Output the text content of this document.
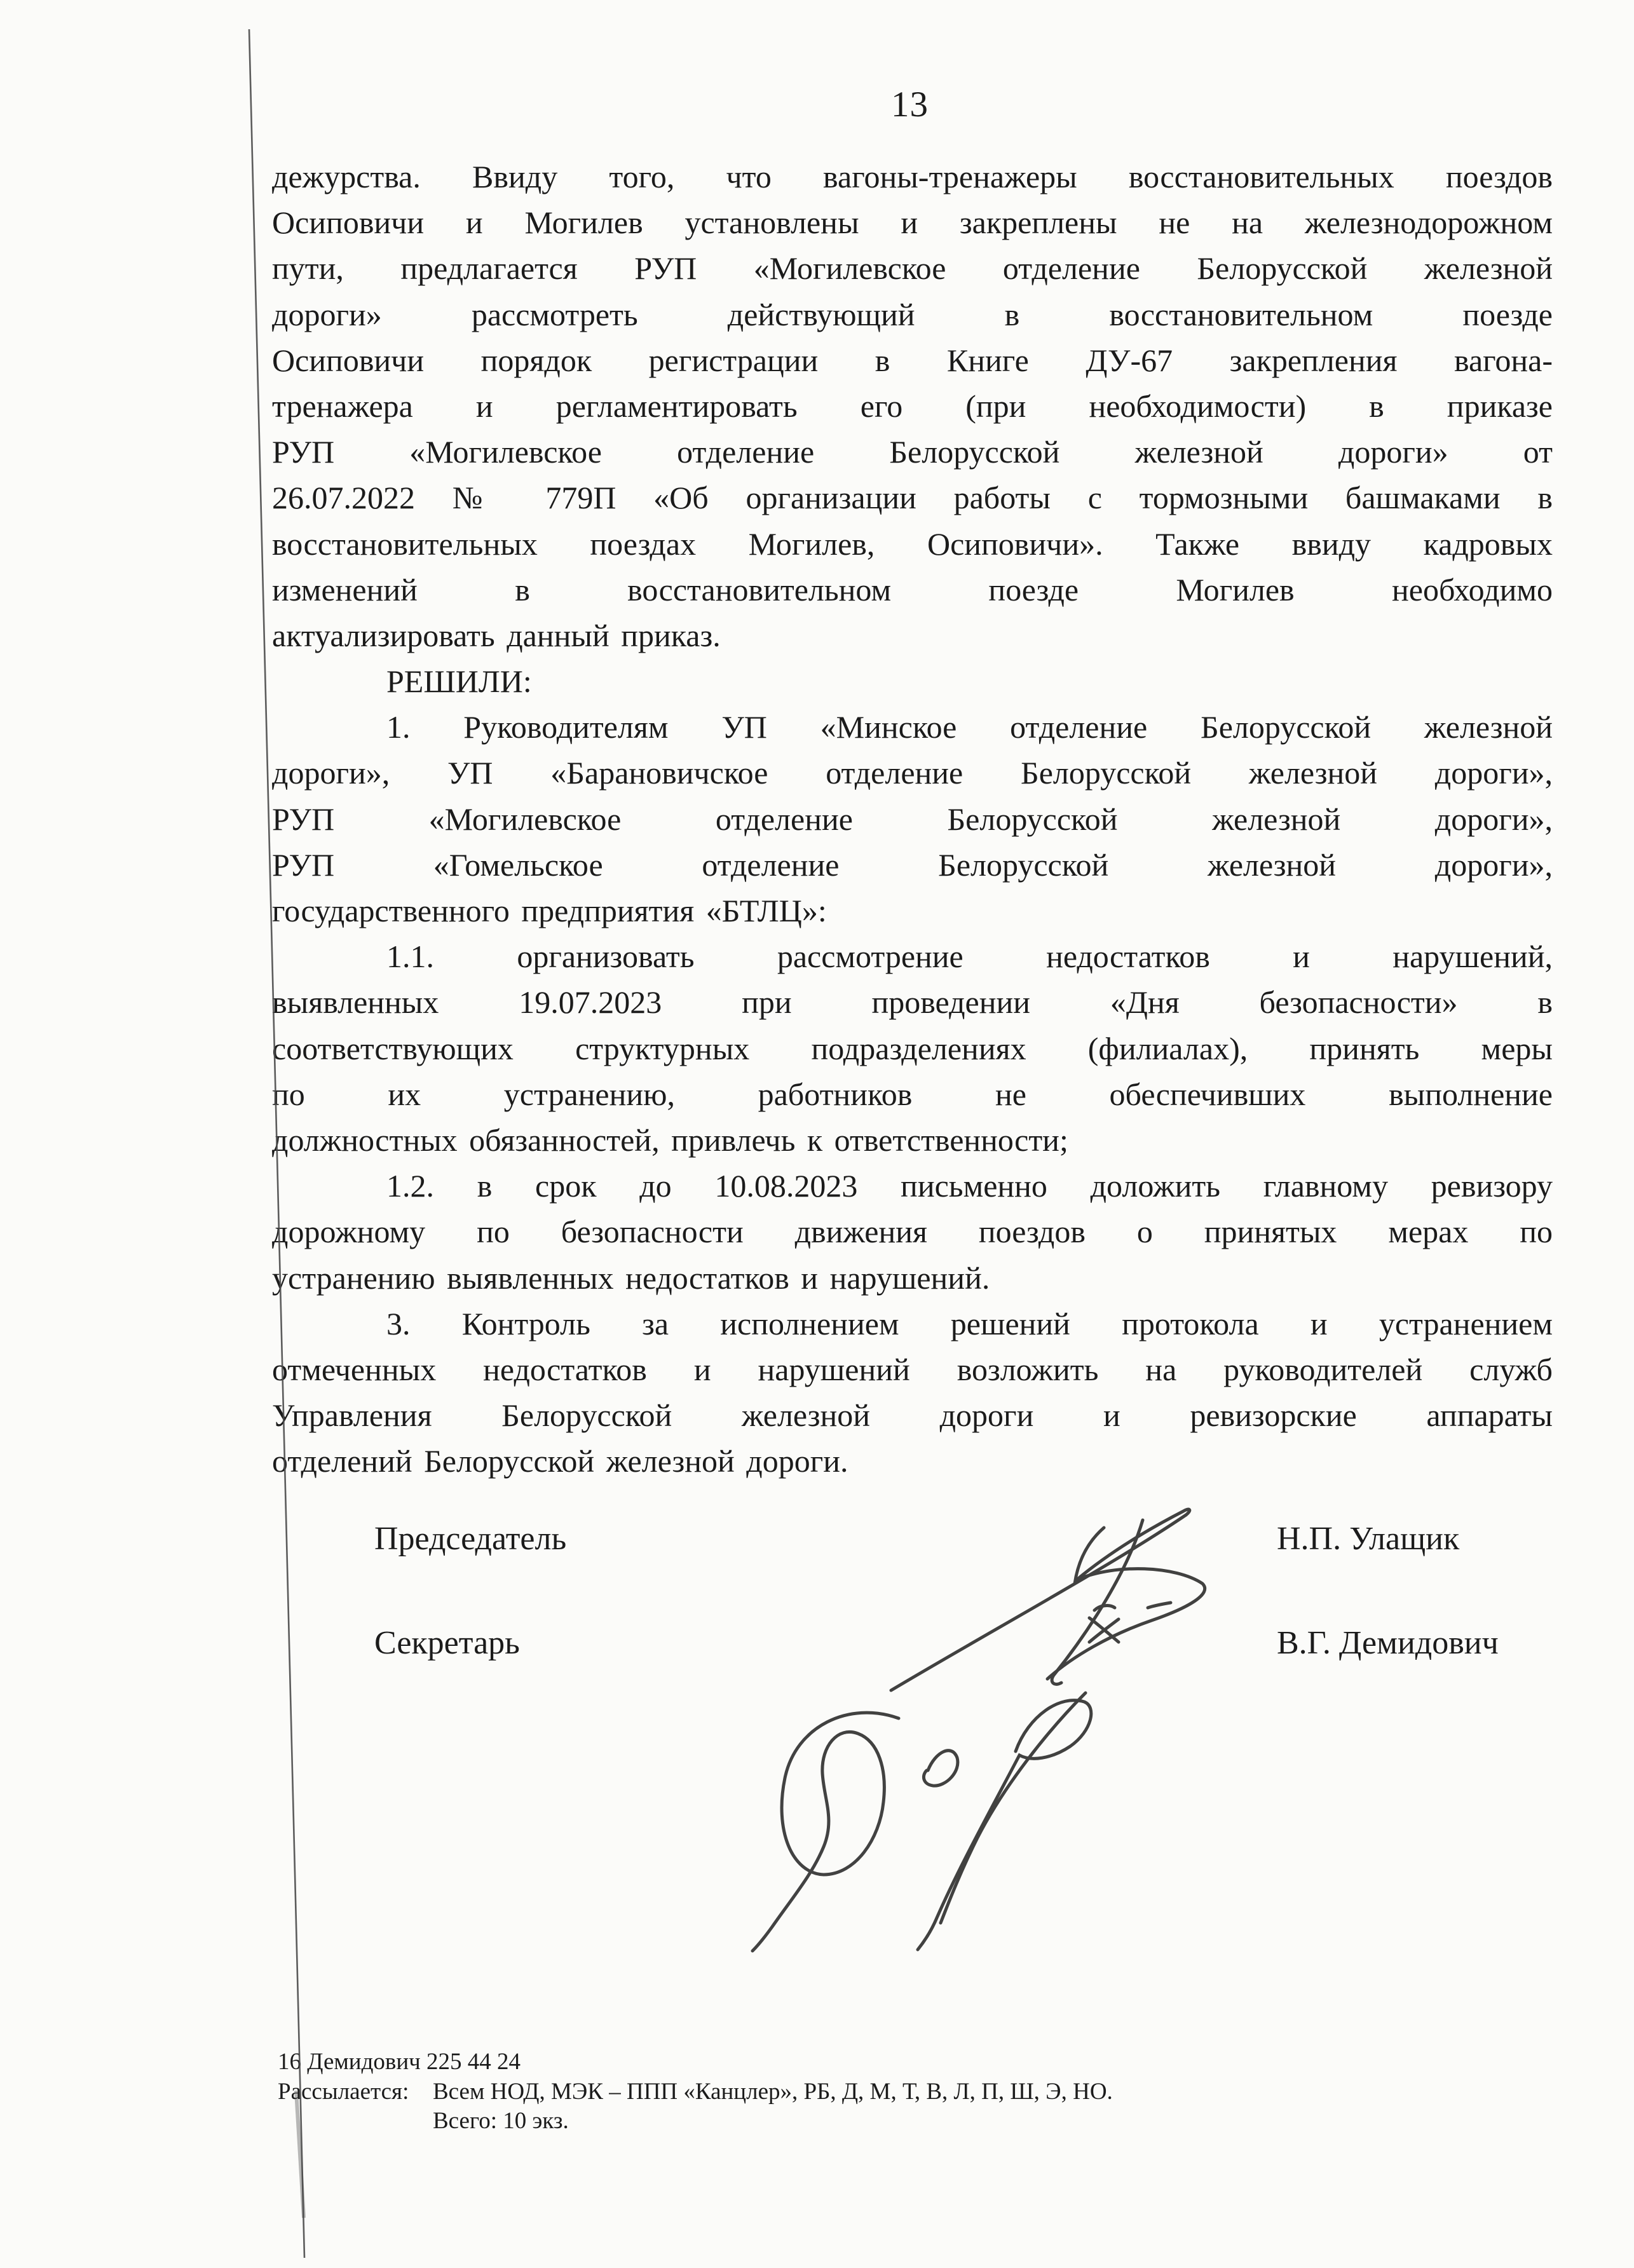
13
дежурства. Ввиду того, что вагоны-тренажеры восстановительных поездов
Осиповичи и Могилев установлены и закреплены не на железнодорожном
пути, предлагается РУП «Могилевское отделение Белорусской железной
дороги» рассмотреть действующий в восстановительном поезде
Осиповичи порядок регистрации в Книге ДУ-67 закрепления вагона-
тренажера и регламентировать его (при необходимости) в приказе
РУП «Могилевское отделение Белорусской железной дороги» от
26.07.2022 № 779П «Об организации работы с тормозными башмаками в
восстановительных поездах Могилев, Осиповичи». Также ввиду кадровых
изменений в восстановительном поезде Могилев необходимо
актуализировать данный приказ.
РЕШИЛИ:
1. Руководителям УП «Минское отделение Белорусской железной
дороги», УП «Барановичское отделение Белорусской железной дороги»,
РУП «Могилевское отделение Белорусской железной дороги»,
РУП «Гомельское отделение Белорусской железной дороги»,
государственного предприятия «БТЛЦ»:
1.1. организовать рассмотрение недостатков и нарушений,
выявленных 19.07.2023 при проведении «Дня безопасности» в
соответствующих структурных подразделениях (филиалах), принять меры
по их устранению, работников не обеспечивших выполнение
должностных обязанностей, привлечь к ответственности;
1.2. в срок до 10.08.2023 письменно доложить главному ревизору
дорожному по безопасности движения поездов о принятых мерах по
устранению выявленных недостатков и нарушений.
3. Контроль за исполнением решений протокола и устранением
отмеченных недостатков и нарушений возложить на руководителей служб
Управления Белорусской железной дороги и ревизорские аппараты
отделений Белорусской железной дороги.
Председатель	Н.П. Улащик
Секретарь	В.Г. Демидович
16 Демидович 225 44 24
Рассылается: Всем НОД, МЭК – ППП «Канцлер», РБ, Д, М, Т, В, Л, П, Ш, Э, НО.
Всего: 10 экз.
